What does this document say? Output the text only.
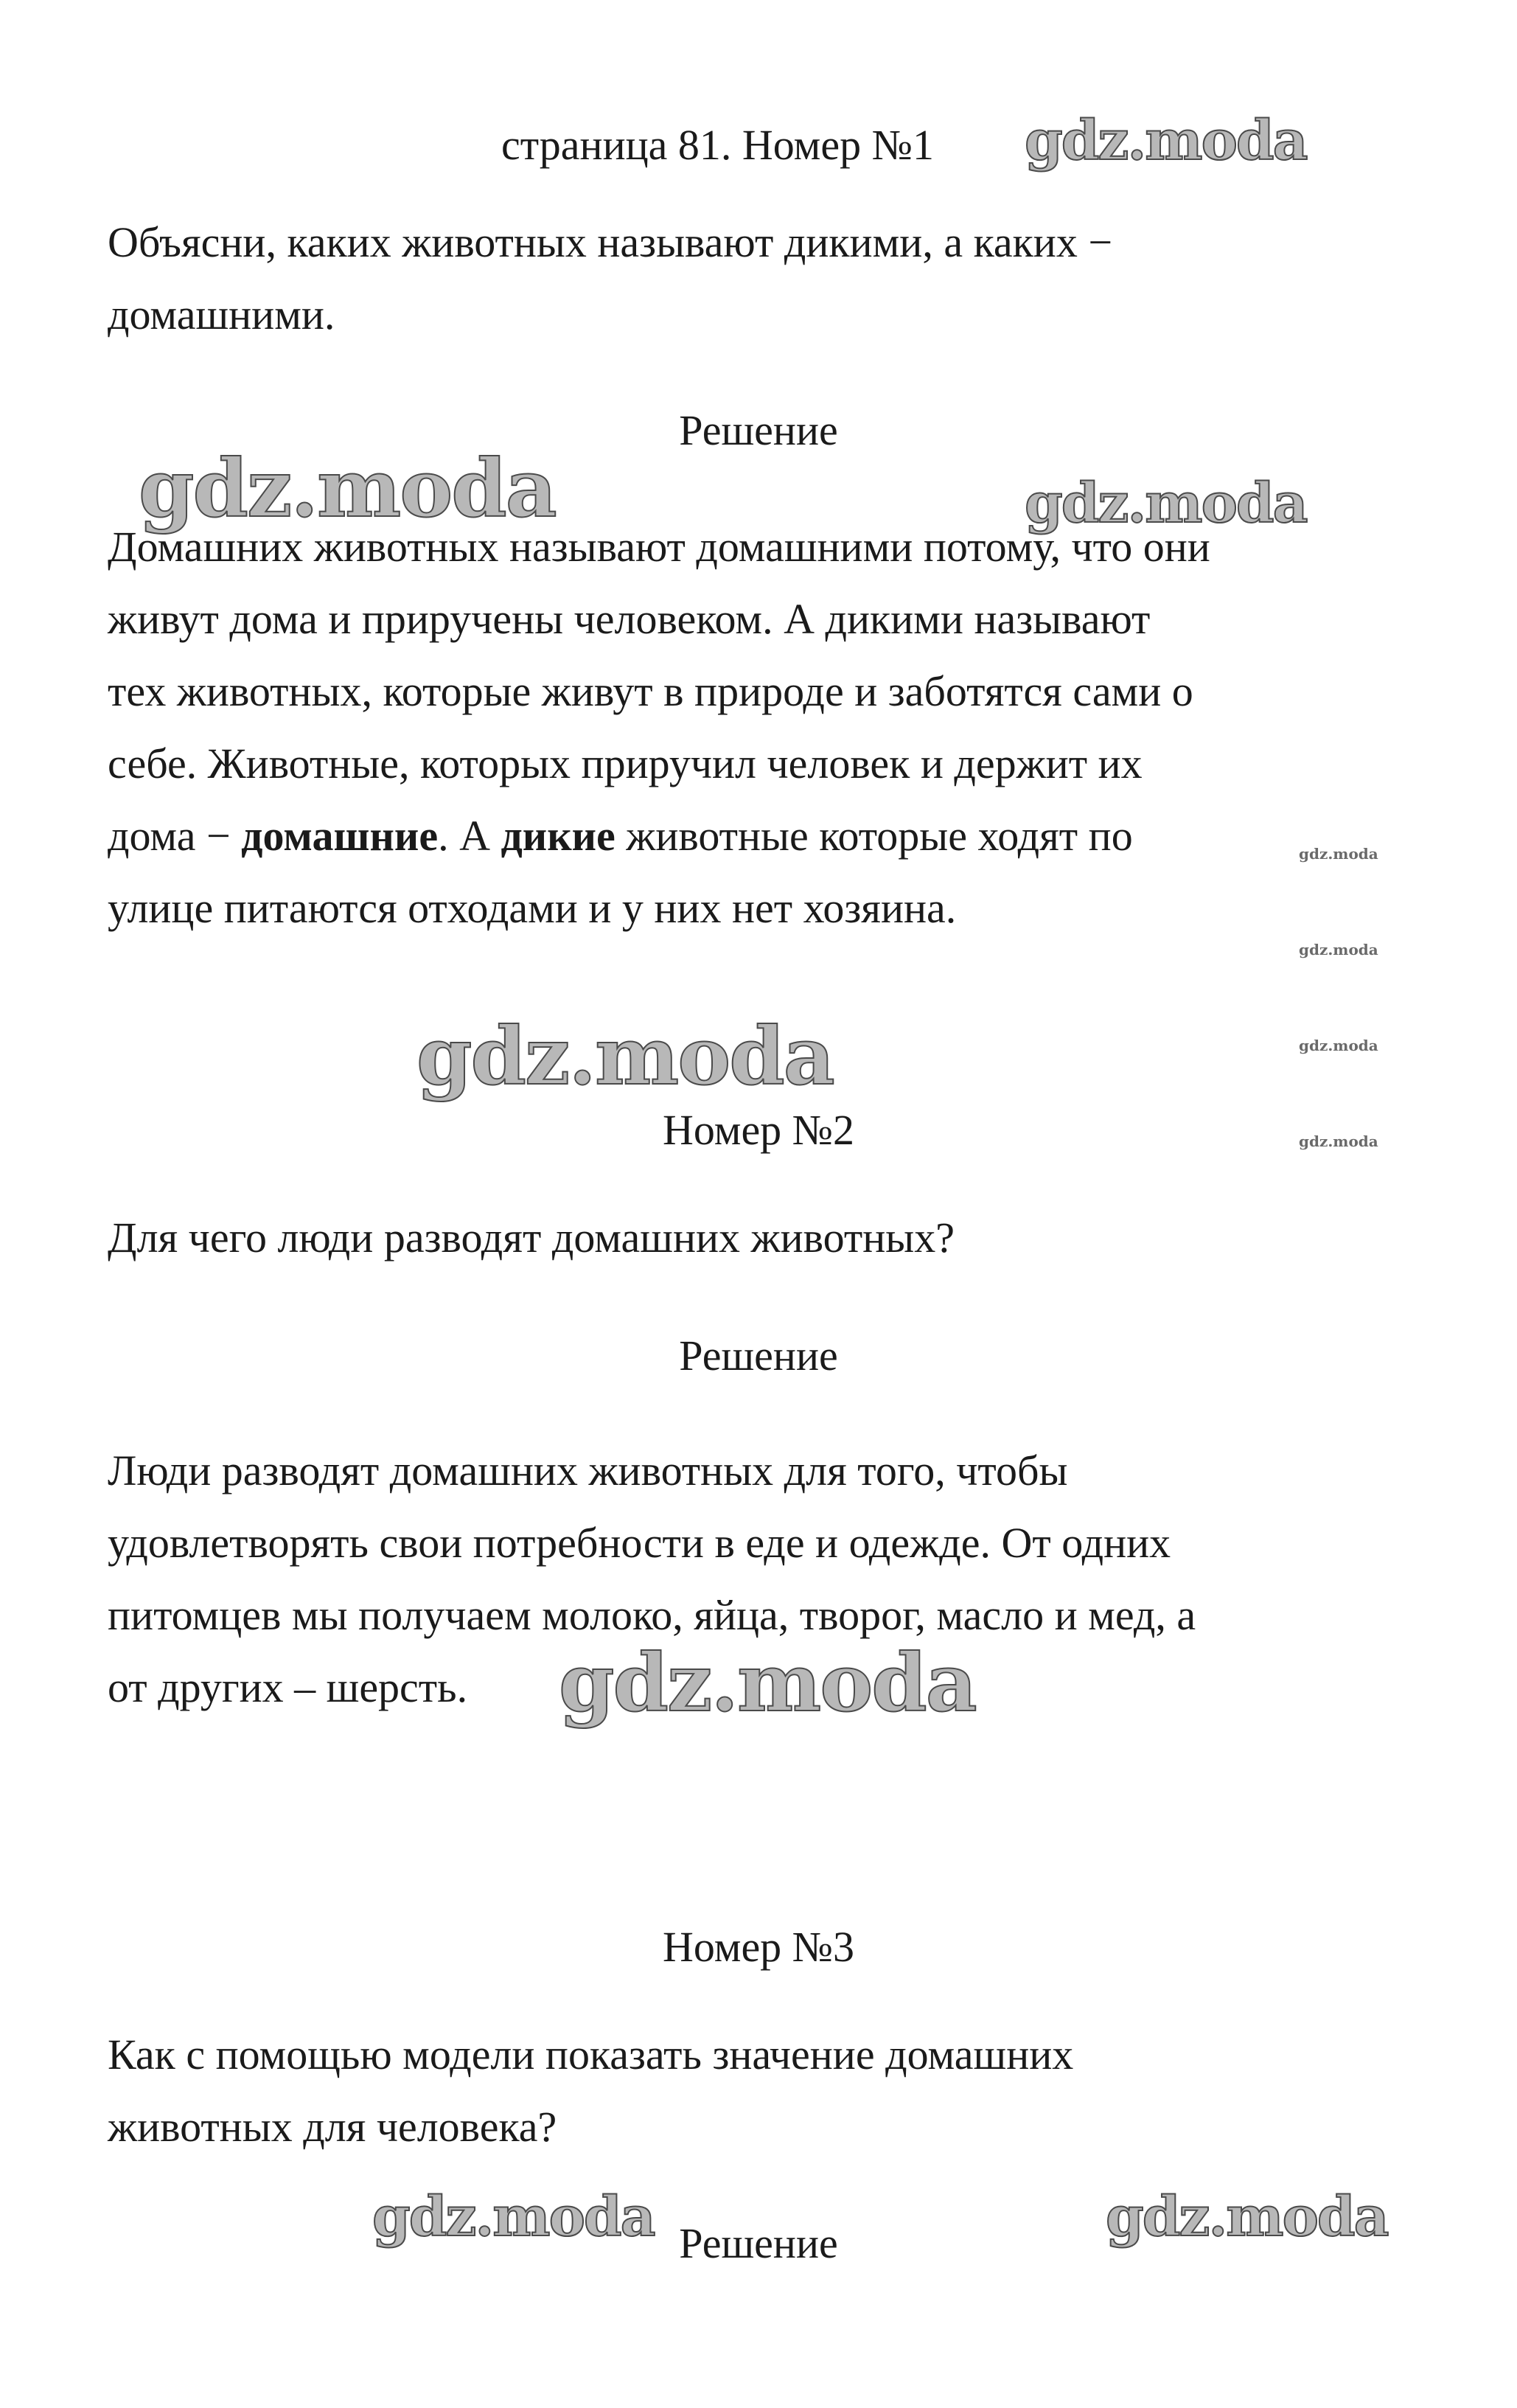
страница 81. Номер №1 gdz.moda
Объясни, каких животных называют дикими, а каких −
домашними.
Решение
gdz.moda	gdz.moda
Домашних животных называют домашними потому, что они
живут дома и приручены человеком. А дикими называют
тех животных, которые живут в природе и заботятся сами о
себе. Животные, которых приручил человек и держит их
дома − домашние. А дикие животные которые ходят по
улице питаются отходами и у них нет хозяина.
gdz.moda
gdz.moda
gdz.moda
gdz.moda
gdz.moda
Номер №2
Для чего люди разводят домашних животных?
Решение
Люди разводят домашних животных для того, чтобы
удовлетворять свои потребности в еде и одежде. От одних
питомцев мы получаем молоко, яйца, творог, масло и мед, а
от других – шерсть.	gdz.moda
Номер №3
Как с помощью модели показать значение домашних
животных для человека?
gdz.moda Решение	gdz.moda
